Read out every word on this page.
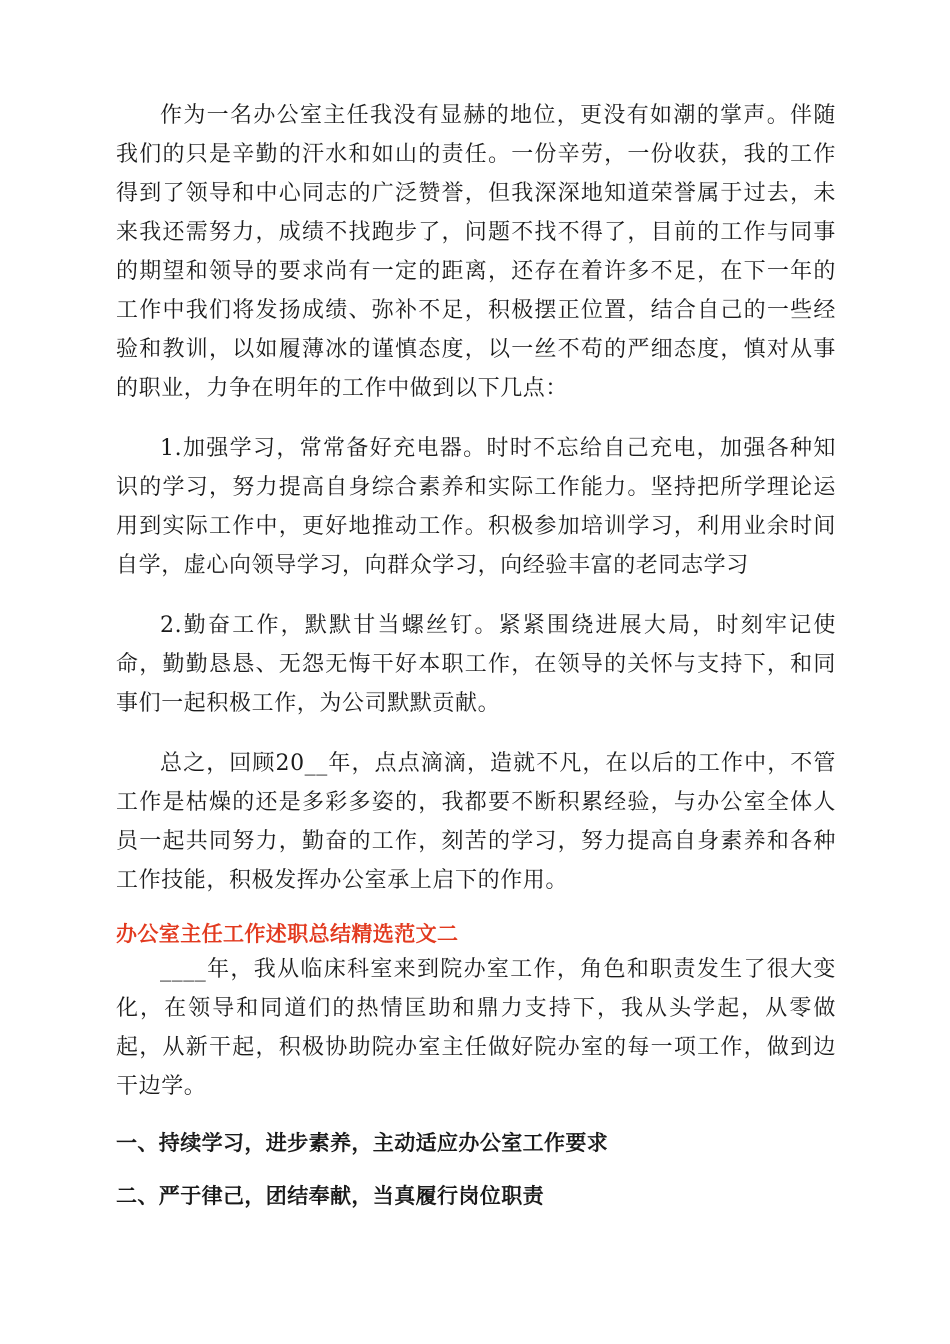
作为一名办公室主任我没有显赫的地位，更没有如潮的掌声。伴随我们的只是辛勤的汗水和如山的责任。一份辛劳，一份收获，我的工作得到了领导和中心同志的广泛赞誉，但我深深地知道荣誉属于过去，未来我还需努力，成绩不找跑步了，问题不找不得了，目前的工作与同事的期望和领导的要求尚有一定的距离，还存在着许多不足，在下一年的工作中我们将发扬成绩、弥补不足，积极摆正位置，结合自己的一些经验和教训，以如履薄冰的谨慎态度，以一丝不苟的严细态度，慎对从事的职业，力争在明年的工作中做到以下几点：

1.加强学习，常常备好充电器。时时不忘给自己充电，加强各种知识的学习，努力提高自身综合素养和实际工作能力。坚持把所学理论运用到实际工作中，更好地推动工作。积极参加培训学习，利用业余时间自学，虚心向领导学习，向群众学习，向经验丰富的老同志学习

2.勤奋工作，默默甘当螺丝钉。紧紧围绕进展大局，时刻牢记使命，勤勤恳恳、无怨无悔干好本职工作，在领导的关怀与支持下，和同事们一起积极工作，为公司默默贡献。

总之，回顾20__年，点点滴滴，造就不凡，在以后的工作中，不管工作是枯燥的还是多彩多姿的，我都要不断积累经验，与办公室全体人员一起共同努力，勤奋的工作，刻苦的学习，努力提高自身素养和各种工作技能，积极发挥办公室承上启下的作用。

办公室主任工作述职总结精选范文二

____年，我从临床科室来到院办室工作，角色和职责发生了很大变化，在领导和同道们的热情匡助和鼎力支持下，我从头学起，从零做起，从新干起，积极协助院办室主任做好院办室的每一项工作，做到边干边学。

一、持续学习，进步素养，主动适应办公室工作要求
二、严于律己，团结奉献，当真履行岗位职责
